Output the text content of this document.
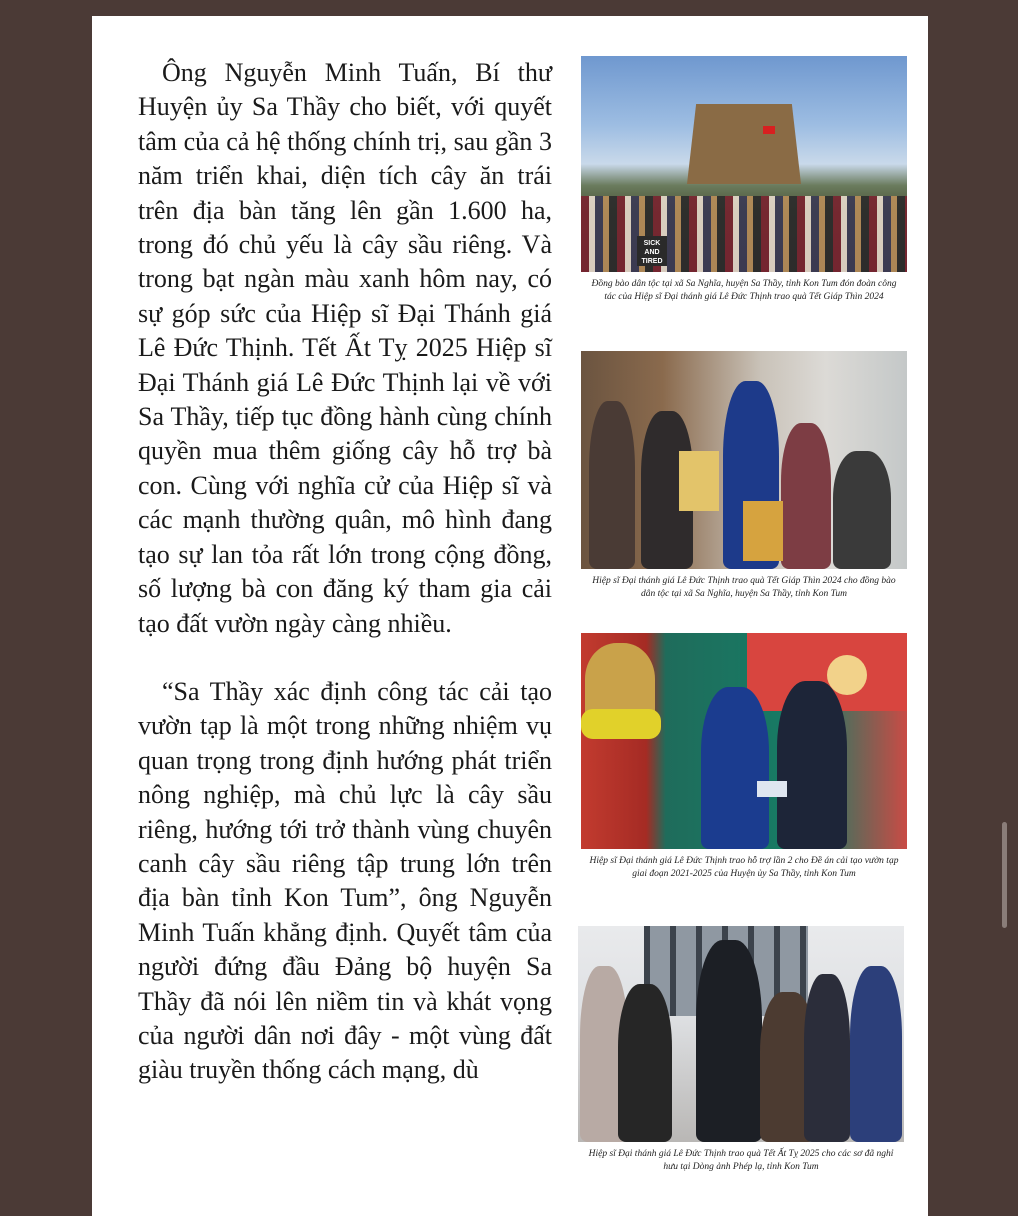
Ông Nguyễn Minh Tuấn, Bí thư Huyện ủy Sa Thầy cho biết, với quyết tâm của cả hệ thống chính trị, sau gần 3 năm triển khai, diện tích cây ăn trái trên địa bàn tăng lên gần 1.600 ha, trong đó chủ yếu là cây sầu riêng. Và trong bạt ngàn màu xanh hôm nay, có sự góp sức của Hiệp sĩ Đại Thánh giá Lê Đức Thịnh. Tết Ất Tỵ 2025 Hiệp sĩ Đại Thánh giá Lê Đức Thịnh lại về với Sa Thầy, tiếp tục đồng hành cùng chính quyền mua thêm giống cây hỗ trợ bà con. Cùng với nghĩa cử của Hiệp sĩ và các mạnh thường quân, mô hình đang tạo sự lan tỏa rất lớn trong cộng đồng, số lượng bà con đăng ký tham gia cải tạo đất vườn ngày càng nhiều.

“Sa Thầy xác định công tác cải tạo vườn tạp là một trong những nhiệm vụ quan trọng trong định hướng phát triển nông nghiệp, mà chủ lực là cây sầu riêng, hướng tới trở thành vùng chuyên canh cây sầu riêng tập trung lớn trên địa bàn tỉnh Kon Tum”, ông Nguyễn Minh Tuấn khẳng định. Quyết tâm của người đứng đầu Đảng bộ huyện Sa Thầy đã nói lên niềm tin và khát vọng của người dân nơi đây - một vùng đất giàu truyền thống cách mạng, dù

SICK AND TIRED
Đồng bào dân tộc tại xã Sa Nghĩa, huyện Sa Thầy, tỉnh Kon Tum đón đoàn công tác của Hiệp sĩ Đại thánh giá Lê Đức Thịnh trao quà Tết Giáp Thìn 2024
Hiệp sĩ Đại thánh giá Lê Đức Thịnh trao quà Tết Giáp Thìn 2024 cho đồng bào dân tộc tại xã Sa Nghĩa, huyện Sa Thầy, tỉnh Kon Tum
Hiệp sĩ Đại thánh giá Lê Đức Thịnh trao hỗ trợ lần 2 cho Đề án cải tạo vườn tạp giai đoạn 2021-2025 của Huyện ủy Sa Thầy, tỉnh Kon Tum
Hiệp sĩ Đại thánh giá Lê Đức Thịnh trao quà Tết Ất Tỵ 2025 cho các sơ đã nghỉ hưu tại Dòng ảnh Phép lạ, tỉnh Kon Tum
